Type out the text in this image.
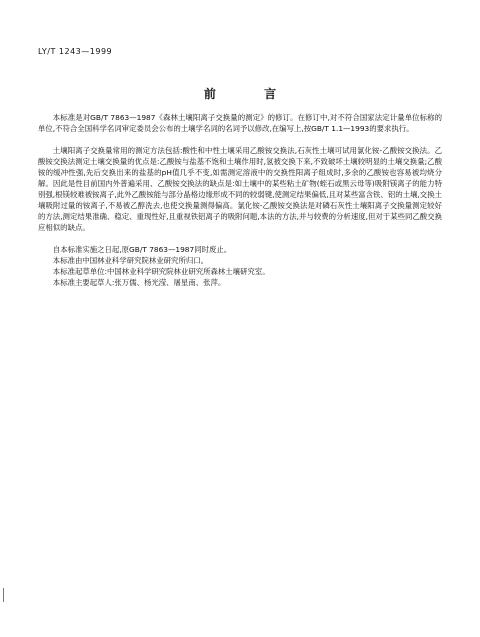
LY/T 1243—1999
前 言

本标准是对GB/T 7863—1987《森林土壤阳离子交换量的测定》的修订。在修订中,对不符合国家法定计量单位标称的单位,不符合全国科学名词审定委员会公布的土壤学名词的名词予以修改,在编写上,按GB/T 1.1—1993的要求执行。

土壤阳离子交换量常用的测定方法包括:酸性和中性土壤采用乙酸铵交换法,石灰性土壤可试用氯化铵-乙酸铵交换法。乙酸铵交换法测定土壤交换量的优点是:乙酸铵与盐基不饱和土壤作用时,氢被交换下来,不致破坏土壤较明显的土壤交换量;乙酸铵的缓冲性强,先后交换出来的盐基的pH值几乎不变,如需测定溶液中的交换性阳离子组成时,多余的乙酸铵也容易被均烧分解。因此是性目前国内外普遍采用、乙酸铵交换法的缺点是:如土壤中的某些粘土矿物(蛭石或黑云母等)吸附镁离子的能力特别强,根镁较难被铵离子,此外乙酸铵能与部分晶格边缘形成不同的较弱键,使测定结果偏低,且对某些富含铁、铝的土壤,交换土壤吸附过量的铵离子,不易被乙醇洗去,也使交换量测得偏高。氯化铵-乙酸铵交换法是对磷石灰性土壤阳离子交换量测定较好的方法,测定结果准确、稳定、重现性好,且重视铁铝离子的吸附问题,本法的方法,并与较费的分析速度,但对于某些同乙酸交换应相似的缺点。

自本标准实施之日起,原GB/T 7863—1987同时废止。

本标准由中国林业科学研究院林业研究所归口。

本标准起草单位:中国林业科学研究院林业研究所森林土壤研究室。

本标准主要起草人:张万儒、杨光滢、屠星南、张萍。
